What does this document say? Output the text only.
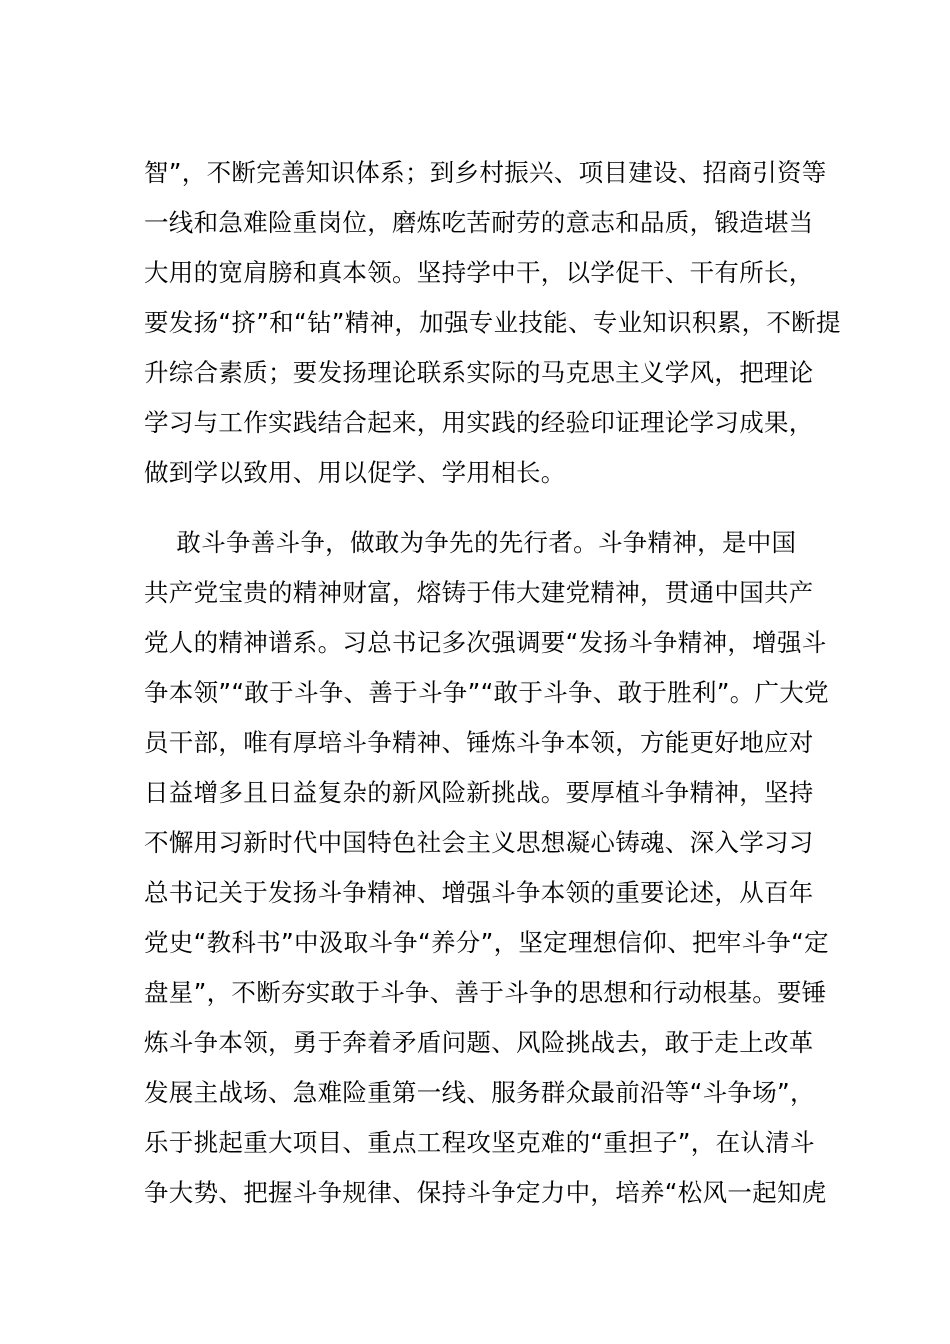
智”，不断完善知识体系；到乡村振兴、项目建设、招商引资等
一线和急难险重岗位，磨炼吃苦耐劳的意志和品质，锻造堪当
大用的宽肩膀和真本领。坚持学中干，以学促干、干有所长，
要发扬“挤”和“钻”精神，加强专业技能、专业知识积累，不断提
升综合素质；要发扬理论联系实际的马克思主义学风，把理论
学习与工作实践结合起来，用实践的经验印证理论学习成果，
做到学以致用、用以促学、学用相长。
敢斗争善斗争，做敢为争先的先行者。斗争精神，是中国
共产党宝贵的精神财富，熔铸于伟大建党精神，贯通中国共产
党人的精神谱系。习总书记多次强调要“发扬斗争精神，增强斗
争本领”“敢于斗争、善于斗争”“敢于斗争、敢于胜利”。广大党
员干部，唯有厚培斗争精神、锤炼斗争本领，方能更好地应对
日益增多且日益复杂的新风险新挑战。要厚植斗争精神，坚持
不懈用习新时代中国特色社会主义思想凝心铸魂、深入学习习
总书记关于发扬斗争精神、增强斗争本领的重要论述，从百年
党史“教科书”中汲取斗争“养分”，坚定理想信仰、把牢斗争“定
盘星”，不断夯实敢于斗争、善于斗争的思想和行动根基。要锤
炼斗争本领，勇于奔着矛盾问题、风险挑战去，敢于走上改革
发展主战场、急难险重第一线、服务群众最前沿等“斗争场”，
乐于挑起重大项目、重点工程攻坚克难的“重担子”，在认清斗
争大势、把握斗争规律、保持斗争定力中，培养“松风一起知虎
